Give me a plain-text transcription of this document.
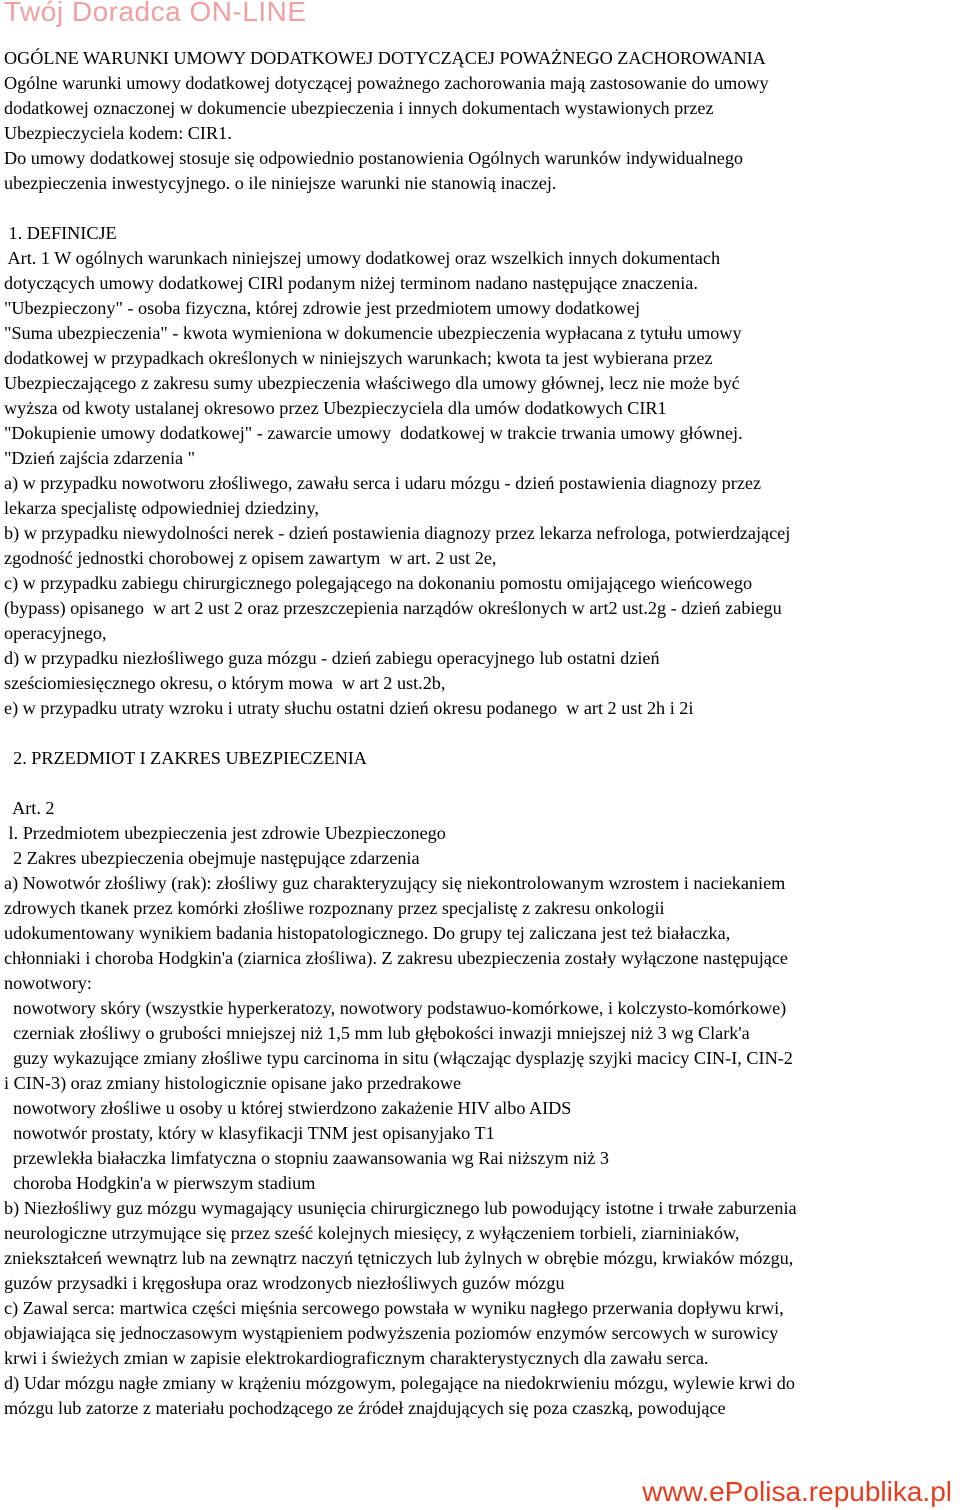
Twój Doradca ON-LINE
OGÓLNE WARUNKI UMOWY DODATKOWEJ DOTYCZĄCEJ POWAŻNEGO ZACHOROWANIA
Ogólne warunki umowy dodatkowej dotyczącej poważnego zachorowania mają zastosowanie do umowy
dodatkowej oznaczonej w dokumencie ubezpieczenia i innych dokumentach wystawionych przez
Ubezpieczyciela kodem: CIR1.
Do umowy dodatkowej stosuje się odpowiednio postanowienia Ogólnych warunków indywidualnego
ubezpieczenia inwestycyjnego. o ile niniejsze warunki nie stanowią inaczej.
1. DEFINICJE
Art. 1 W ogólnych warunkach niniejszej umowy dodatkowej oraz wszelkich innych dokumentach
dotyczących umowy dodatkowej CIRl podanym niżej terminom nadano następujące znaczenia.
"Ubezpieczony" - osoba fizyczna, której zdrowie jest przedmiotem umowy dodatkowej
"Suma ubezpieczenia" - kwota wymieniona w dokumencie ubezpieczenia wypłacana z tytułu umowy
dodatkowej w przypadkach określonych w niniejszych warunkach; kwota ta jest wybierana przez
Ubezpieczającego z zakresu sumy ubezpieczenia właściwego dla umowy głównej, lecz nie może być
wyższa od kwoty ustalanej okresowo przez Ubezpieczyciela dla umów dodatkowych CIR1
"Dokupienie umowy dodatkowej" - zawarcie umowy  dodatkowej w trakcie trwania umowy głównej.
"Dzień zajścia zdarzenia "
a) w przypadku nowotworu złośliwego, zawału serca i udaru mózgu - dzień postawienia diagnozy przez
lekarza specjalistę odpowiedniej dziedziny,
b) w przypadku niewydolności nerek - dzień postawienia diagnozy przez lekarza nefrologa, potwierdzającej
zgodność jednostki chorobowej z opisem zawartym  w art. 2 ust 2e,
c) w przypadku zabiegu chirurgicznego polegającego na dokonaniu pomostu omijającego wieńcowego
(bypass) opisanego  w art 2 ust 2 oraz przeszczepienia narządów określonych w art2 ust.2g - dzień zabiegu
operacyjnego,
d) w przypadku niezłośliwego guza mózgu - dzień zabiegu operacyjnego lub ostatni dzień
sześciomiesięcznego okresu, o którym mowa  w art 2 ust.2b,
e) w przypadku utraty wzroku i utraty słuchu ostatni dzień okresu podanego  w art 2 ust 2h i 2i
2. PRZEDMIOT I ZAKRES UBEZPIECZENIA
Art. 2
l. Przedmiotem ubezpieczenia jest zdrowie Ubezpieczonego
2 Zakres ubezpieczenia obejmuje następujące zdarzenia
a) Nowotwór złośliwy (rak): złośliwy guz charakteryzujący się niekontrolowanym wzrostem i naciekaniem
zdrowych tkanek przez komórki złośliwe rozpoznany przez specjalistę z zakresu onkologii
udokumentowany wynikiem badania histopatologicznego. Do grupy tej zaliczana jest też białaczka,
chłonniaki i choroba Hodgkin'a (ziarnica złośliwa). Z zakresu ubezpieczenia zostały wyłączone następujące
nowotwory:
nowotwory skóry (wszystkie hyperkeratozy, nowotwory podstawuo-komórkowe, i kolczysto-komórkowe)
czerniak złośliwy o grubości mniejszej niż 1,5 mm lub głębokości inwazji mniejszej niż 3 wg Clark'a
guzy wykazujące zmiany złośliwe typu carcinoma in situ (włączając dysplazję szyjki macicy CIN-I, CIN-2
i CIN-3) oraz zmiany histologicznie opisane jako przedrakowe
nowotwory złośliwe u osoby u której stwierdzono zakażenie HIV albo AIDS
nowotwór prostaty, który w klasyfikacji TNM jest opisanyjako T1
przewlekła białaczka limfatyczna o stopniu zaawansowania wg Rai niższym niż 3
choroba Hodgkin'a w pierwszym stadium
b) Niezłośliwy guz mózgu wymagający usunięcia chirurgicznego lub powodujący istotne i trwałe zaburzenia
neurologiczne utrzymujące się przez sześć kolejnych miesięcy, z wyłączeniem torbieli, ziarniniaków,
zniekształceń wewnątrz lub na zewnątrz naczyń tętniczych lub żylnych w obrębie mózgu, krwiaków mózgu,
guzów przysadki i kręgosłupa oraz wrodzonycb niezłośliwych guzów mózgu
c) Zawal serca: martwica części mięśnia sercowego powstała w wyniku nagłego przerwania dopływu krwi,
objawiająca się jednoczasowym wystąpieniem podwyższenia poziomów enzymów sercowych w surowicy
krwi i świeżych zmian w zapisie elektrokardiograficznym charakterystycznych dla zawału serca.
d) Udar mózgu nagłe zmiany w krążeniu mózgowym, polegające na niedokrwieniu mózgu, wylewie krwi do
mózgu lub zatorze z materiału pochodzącego ze źródeł znajdujących się poza czaszką, powodujące
www.ePolisa.republika.pl
